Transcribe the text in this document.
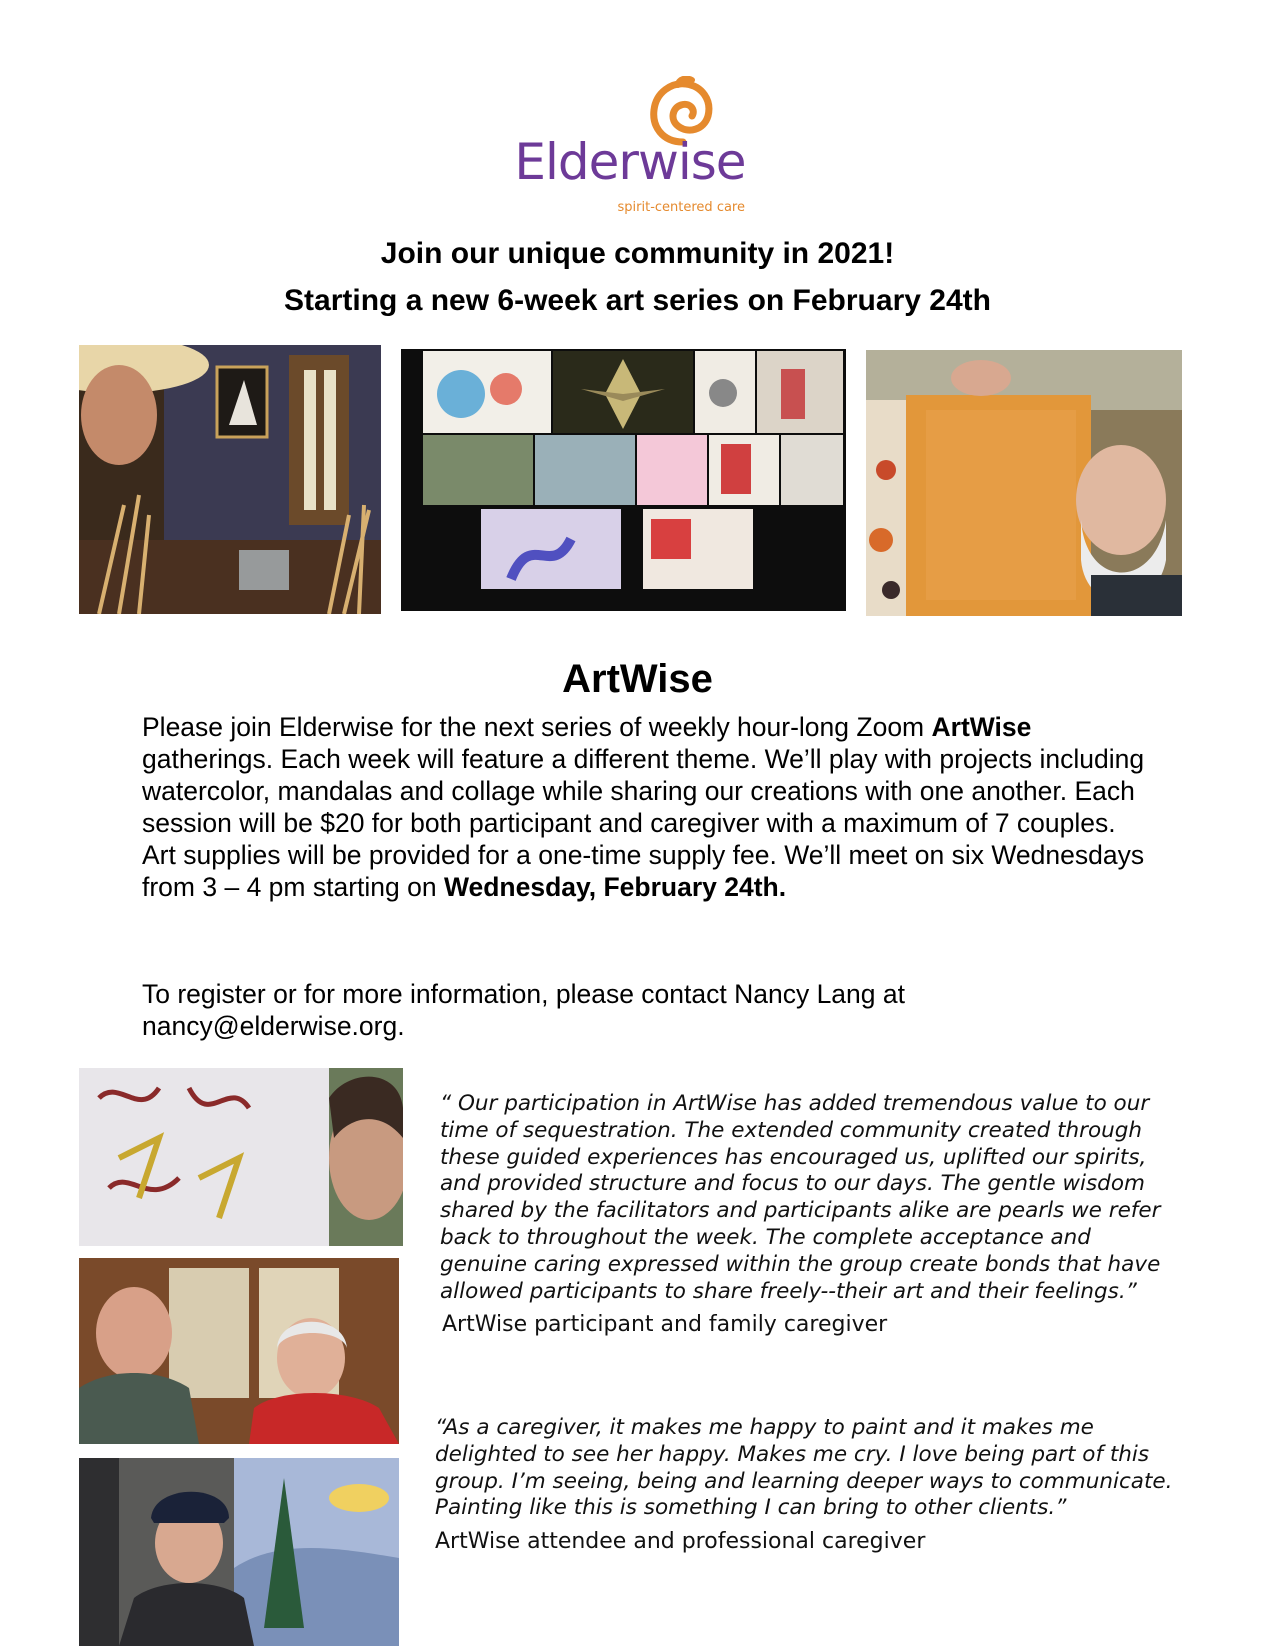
Elderwise
spirit-centered care
Join our unique community in 2021!
Starting a new 6-week art series on February 24th
ArtWise
Please join Elderwise for the next series of weekly hour-long Zoom ArtWise gatherings. Each week will feature a different theme. We’ll play with projects including watercolor, mandalas and collage while sharing our creations with one another. Each session will be $20 for both participant and caregiver with a maximum of 7 couples. Art supplies will be provided for a one-time supply fee. We’ll meet on six Wednesdays from 3 – 4 pm starting on Wednesday, February 24th.
To register or for more information, please contact Nancy Lang at nancy@elderwise.org.
“ Our participation in ArtWise has added tremendous value to our time of sequestration. The extended community created through these guided experiences has encouraged us, uplifted our spirits, and provided structure and focus to our days. The gentle wisdom shared by the facilitators and participants alike are pearls we refer back to throughout the week. The complete acceptance and genuine caring expressed within the group create bonds that have allowed participants to share freely--their art and their feelings.”
ArtWise participant and family caregiver
“As a caregiver, it makes me happy to paint and it makes me delighted to see her happy. Makes me cry. I love being part of this group. I’m seeing, being and learning deeper ways to communicate. Painting like this is something I can bring to other clients.”
ArtWise attendee and professional caregiver
